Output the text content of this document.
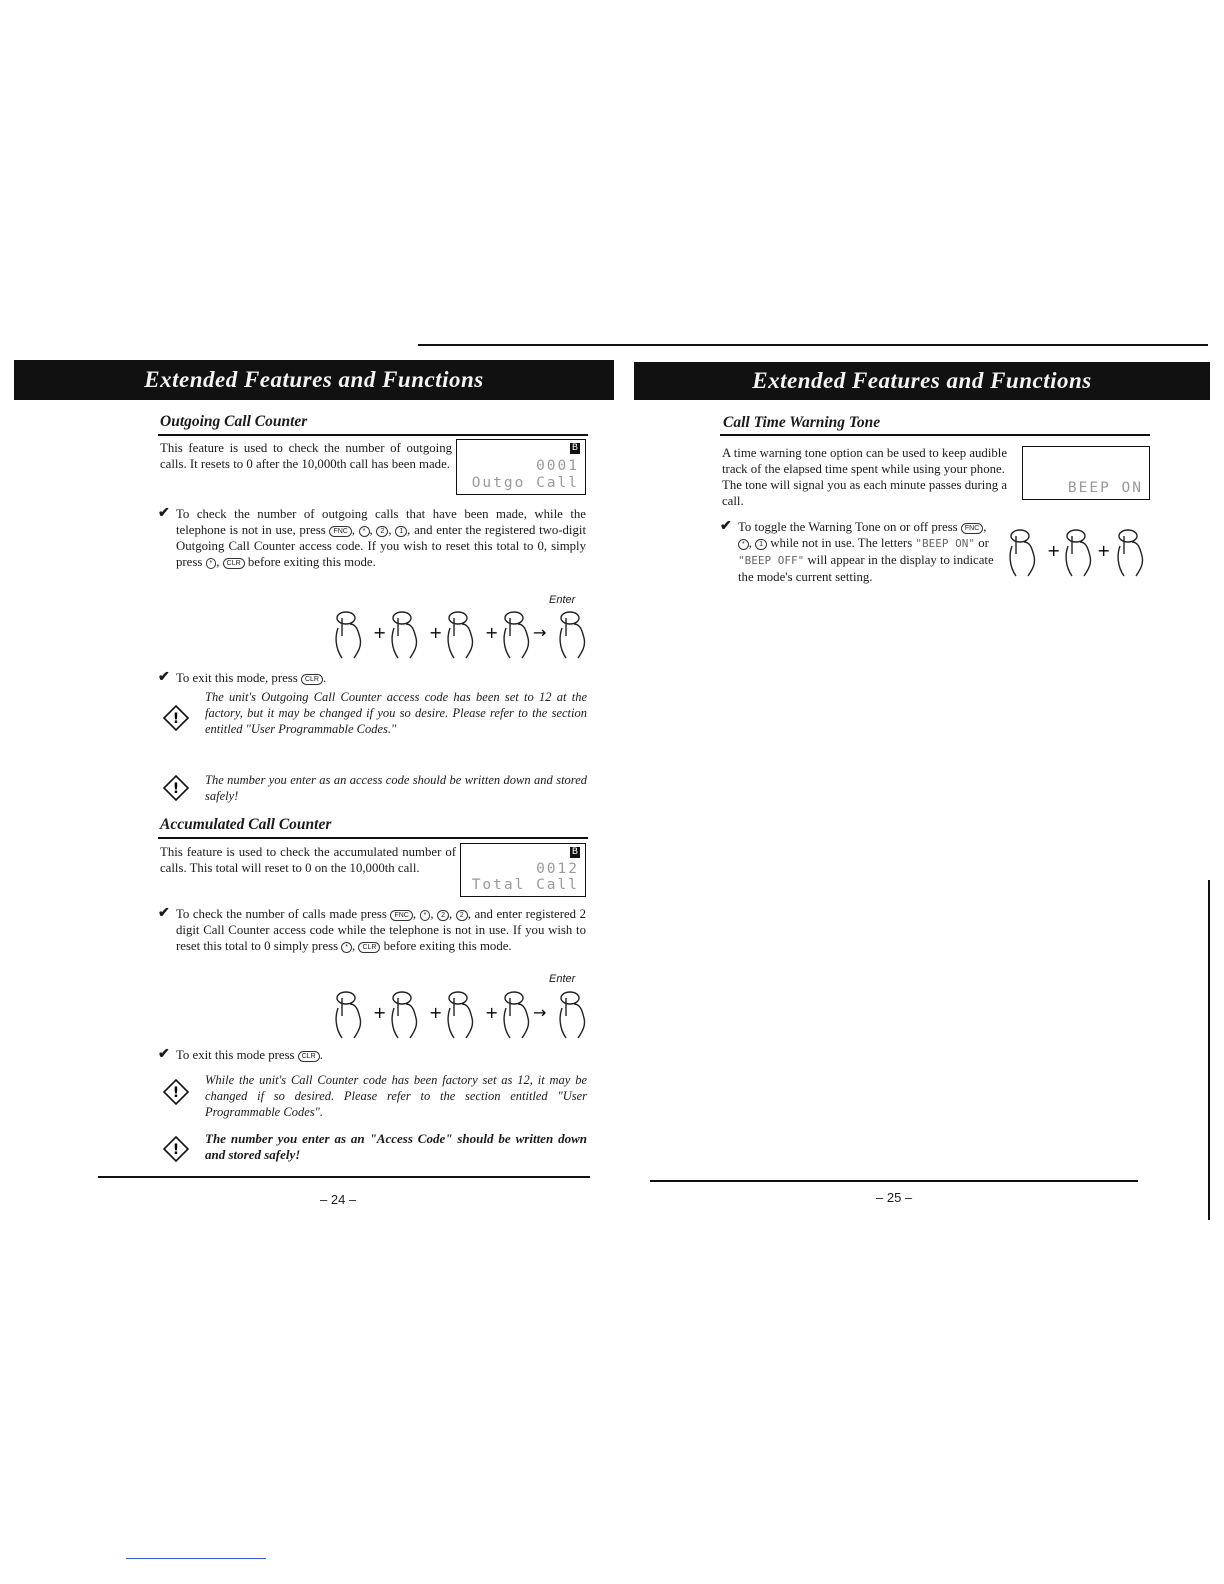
Extended Features and Functions
Outgoing Call Counter
This feature is used to check the number of outgoing calls. It resets to 0 after the 10,000th call has been made.
B
0001
Outgo Call
✔ To check the number of outgoing calls that have been made, while the telephone is not in use, press FNC , * , 2 , 1 , and enter the registered two-digit Outgoing Call Counter access code. If you wish to reset this total to 0, simply press * , CLR before exiting this mode.
Enter
+	+	+ →
✔ To exit this mode, press CLR .
!
The unit's Outgoing Call Counter access code has been set to 12 at the factory, but it may be changed if you so desire. Please refer to the section entitled "User Programmable Codes."
!
The number you enter as an access code should be written down and stored safely!
Accumulated Call Counter
This feature is used to check the accumulated number of calls. This total will reset to 0 on the 10,000th call.
B
0012
Total Call
✔ To check the number of calls made press FNC , * , 2 , 2 , and enter registered 2 digit Call Counter access code while the telephone is not in use. If you wish to reset this total to 0 simply press * , CLR before exiting this mode.
Enter
+	+	+ →
✔ To exit this mode press CLR .
!
While the unit's Call Counter code has been factory set as 12, it may be changed if so desired. Please refer to the section entitled "User Programmable Codes".
!
The number you enter as an "Access Code" should be written down and stored safely!
– 24 –
Extended Features and Functions
Call Time Warning Tone
A time warning tone option can be used to keep audible track of the elapsed time spent while using your phone. The tone will signal you as each minute passes during a call.
BEEP ON
✔ To toggle the Warning Tone on or off press FNC , * , 1 while not in use. The letters "BEEP ON" or "BEEP OFF" will appear in the display to indicate the mode's current setting.
+ +
– 25 –
